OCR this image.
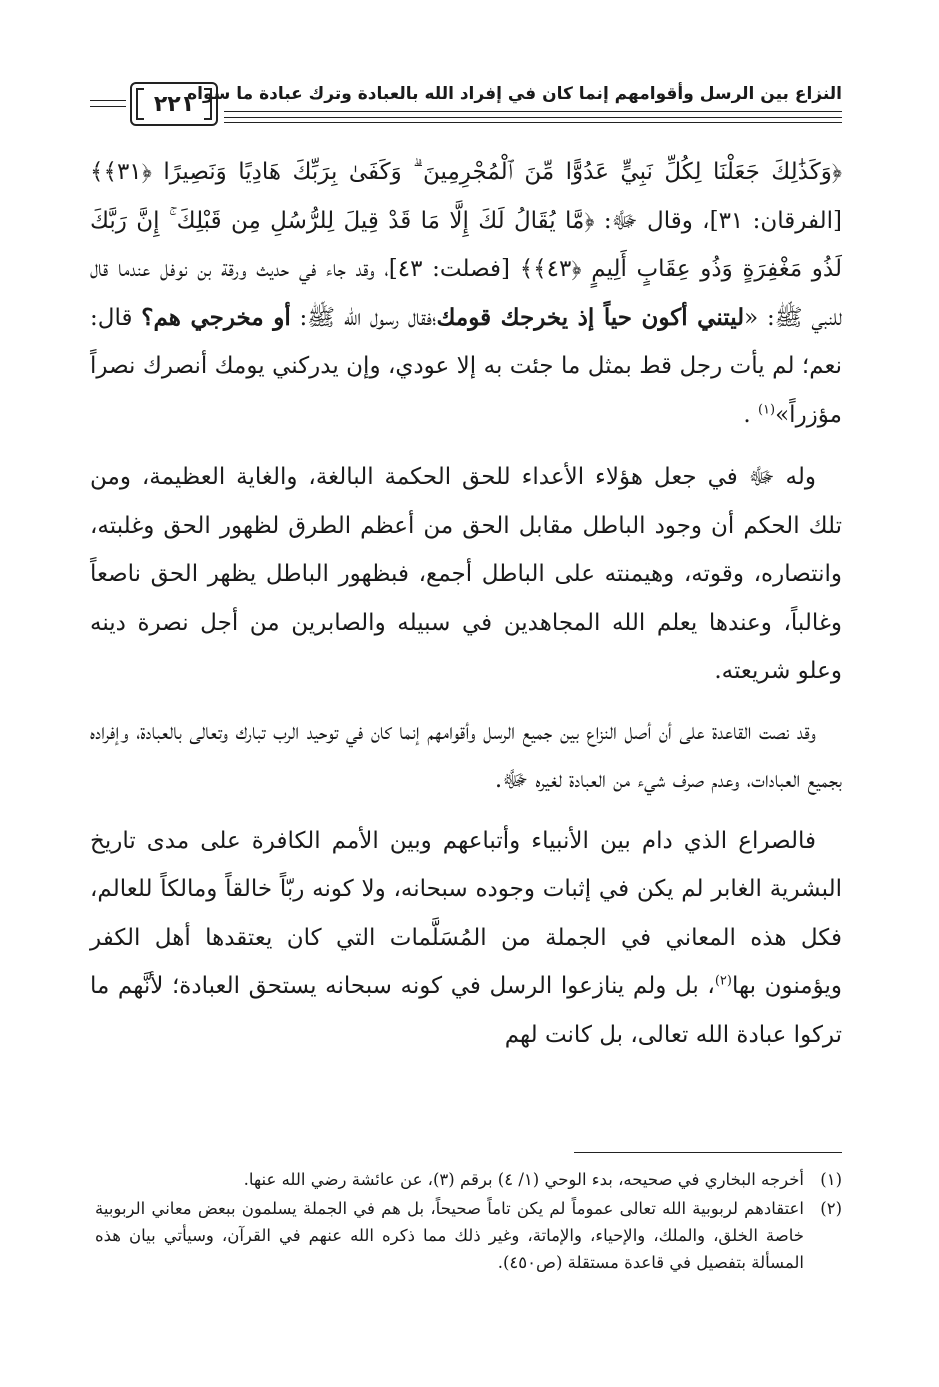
النزاع بين الرسل وأقوامهم إنما كان في إفراد الله بالعبادة وترك عبادة ما سواه
٢٢١

﴿وَكَذَٰلِكَ جَعَلْنَا لِكُلِّ نَبِيٍّ عَدُوًّا مِّنَ ٱلْمُجْرِمِينَ ۗ وَكَفَىٰ بِرَبِّكَ هَادِيًا وَنَصِيرًا ﴿٣١﴾﴾ [الفرقان: ٣١]، وقال ﷻ: ﴿مَّا يُقَالُ لَكَ إِلَّا مَا قَدْ قِيلَ لِلرُّسُلِ مِن قَبْلِكَ ۚ إِنَّ رَبَّكَ لَذُو مَغْفِرَةٍ وَذُو عِقَابٍ أَلِيمٍ ﴿٤٣﴾﴾ [فصلت: ٤٣]، وقد جاء في حديث ورقة بن نوفل عندما قال للنبي ﷺ: «ليتني أكون حياً إذ يخرجك قومك؛فقال رسول الله ﷺ: أو مخرجي هم؟ قال: نعم؛ لم يأت رجل قط بمثل ما جئت به إلا عودي، وإن يدركني يومك أنصرك نصراً مؤزراً»$^{(١)}$ .

وله ﷻ في جعل هؤلاء الأعداء للحق الحكمة البالغة، والغاية العظيمة، ومن تلك الحكم أن وجود الباطل مقابل الحق من أعظم الطرق لظهور الحق وغلبته، وانتصاره، وقوته، وهيمنته على الباطل أجمع، فبظهور الباطل يظهر الحق ناصعاً وغالباً، وعندها يعلم الله المجاهدين في سبيله والصابرين من أجل نصرة دينه وعلو شريعته.

وقد نصت القاعدة على أن أصل النزاع بين جميع الرسل وأقوامهم إنما كان في توحيد الرب تبارك وتعالى بالعبادة، وإفراده بجميع العبادات، وعدم صرف شيء من العبادة لغيره ﷻ.

فالصراع الذي دام بين الأنبياء وأتباعهم وبين الأمم الكافرة على مدى تاريخ البشرية الغابر لم يكن في إثبات وجوده سبحانه، ولا كونه ربّاً خالقاً ومالكاً للعالم، فكل هذه المعاني في الجملة من المُسَلَّمات التي كان يعتقدها أهل الكفر ويؤمنون بها$^{(٢)}$، بل ولم ينازعوا الرسل في كونه سبحانه يستحق العبادة؛ لأنَّهم ما تركوا عبادة الله تعالى، بل كانت لهم

(١)
أخرجه البخاري في صحيحه، بدء الوحي (١/ ٤) برقم (٣)، عن عائشة رضي الله عنها.
(٢)
اعتقادهم لربوبية الله تعالى عموماً لم يكن تاماً صحيحاً، بل هم في الجملة يسلمون ببعض معاني الربوبية خاصة الخلق، والملك، والإحياء، والإماتة، وغير ذلك مما ذكره الله عنهم في القرآن، وسيأتي بيان هذه المسألة بتفصيل في قاعدة مستقلة (ص٤٥٠).
